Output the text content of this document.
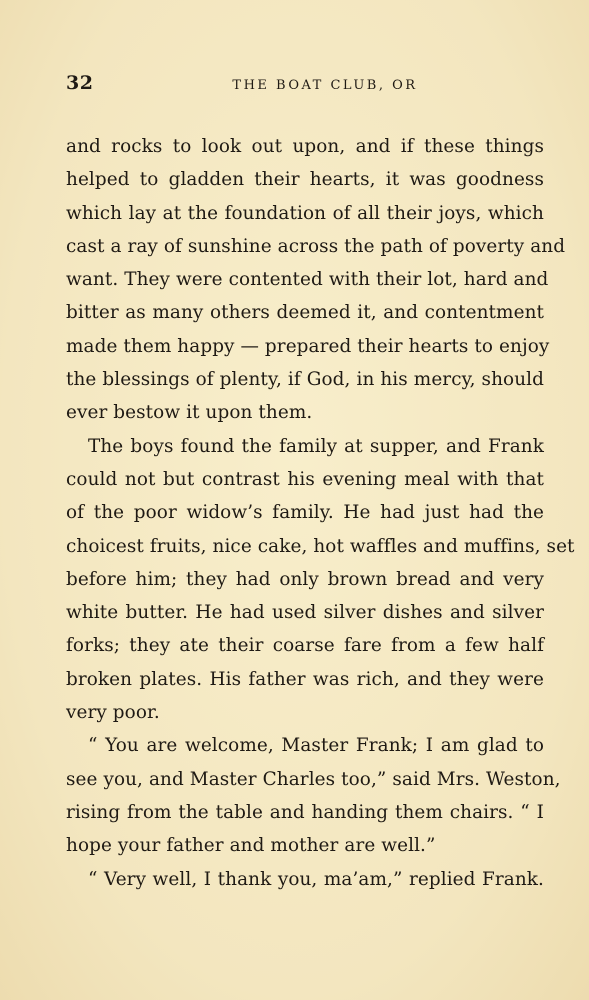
32	THE BOAT CLUB, OR
and rocks to look out upon, and if these things
helped to gladden their hearts, it was goodness
which lay at the foundation of all their joys, which
cast a ray of sunshine across the path of poverty and
want. They were contented with their lot, hard and
bitter as many others deemed it, and contentment
made them happy — prepared their hearts to enjoy
the blessings of plenty, if God, in his mercy, should
ever bestow it upon them.
The boys found the family at supper, and Frank
could not but contrast his evening meal with that
of the poor widow’s family. He had just had the
choicest fruits, nice cake, hot waffles and muffins, set
before him; they had only brown bread and very
white butter. He had used silver dishes and silver
forks; they ate their coarse fare from a few half
broken plates. His father was rich, and they were
very poor.
“ You are welcome, Master Frank; I am glad to
see you, and Master Charles too,” said Mrs. Weston,
rising from the table and handing them chairs. “ I
hope your father and mother are well.”
“ Very well, I thank you, ma’am,” replied Frank.
